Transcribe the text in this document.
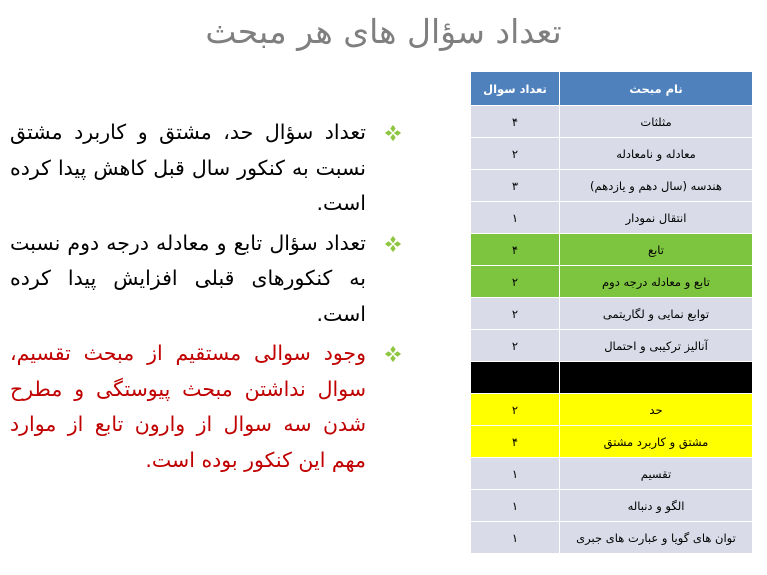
تعداد سؤال های هر مبحث
تعداد سؤال حد، مشتق و کاربرد مشتق نسبت به کنکور سال قبل کاهش پیدا کرده است.
تعداد سؤال تابع و معادله درجه دوم نسبت به کنکورهای قبلی افزایش پیدا کرده است.
وجود سوالی مستقیم از مبحث تقسیم، سوال نداشتن مبحث پیوستگی و مطرح شدن سه سوال از وارون تابع از موارد مهم این کنکور بوده است.
تعداد سوال	نام مبحث
۴	مثلثات
۲	معادله و نامعادله
۳	هندسه (سال دهم و یازدهم)
۱	انتقال نمودار
۴	تابع
۲	تابع و معادله درجه دوم
۲	توابع نمایی و لگاریتمی
۲	آنالیز ترکیبی و احتمال

۲	حد
۴	مشتق و کاربرد مشتق
۱	تقسیم
۱	الگو و دنباله
۱	توان های گویا و عبارت های جبری
